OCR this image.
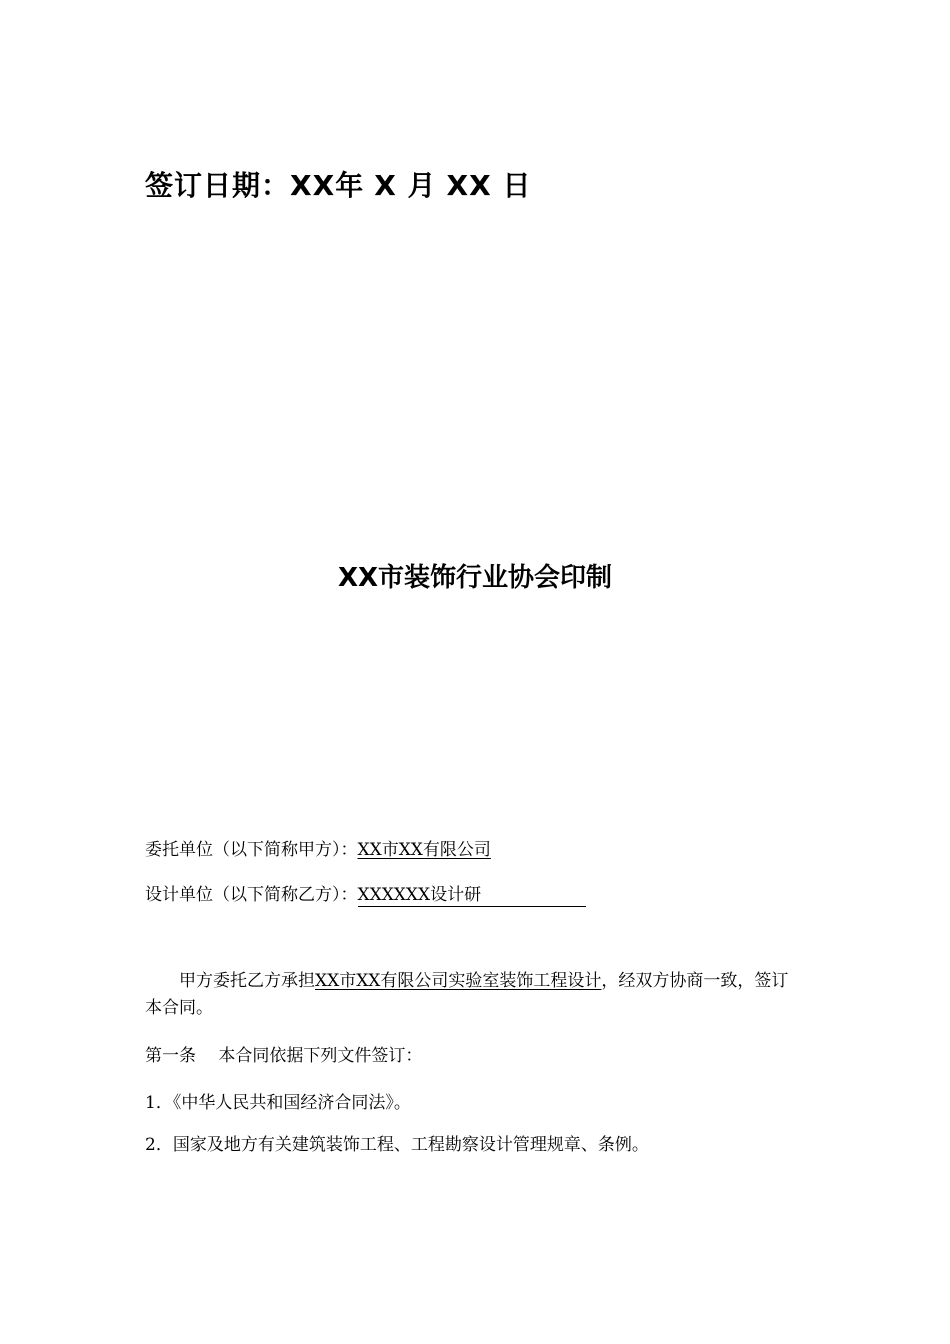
签订日期：XX年 X 月 XX 日
XX市装饰行业协会印制
委托单位（以下简称甲方）：XX市XX有限公司
设计单位（以下简称乙方）：XXXXXX设计研
甲方委托乙方承担XX市XX有限公司实验室装饰工程设计，经双方协商一致，签订本合同。
第一条　 本合同依据下列文件签订：
1．《中华人民共和国经济合同法》。
2．国家及地方有关建筑装饰工程、工程勘察设计管理规章、条例。
